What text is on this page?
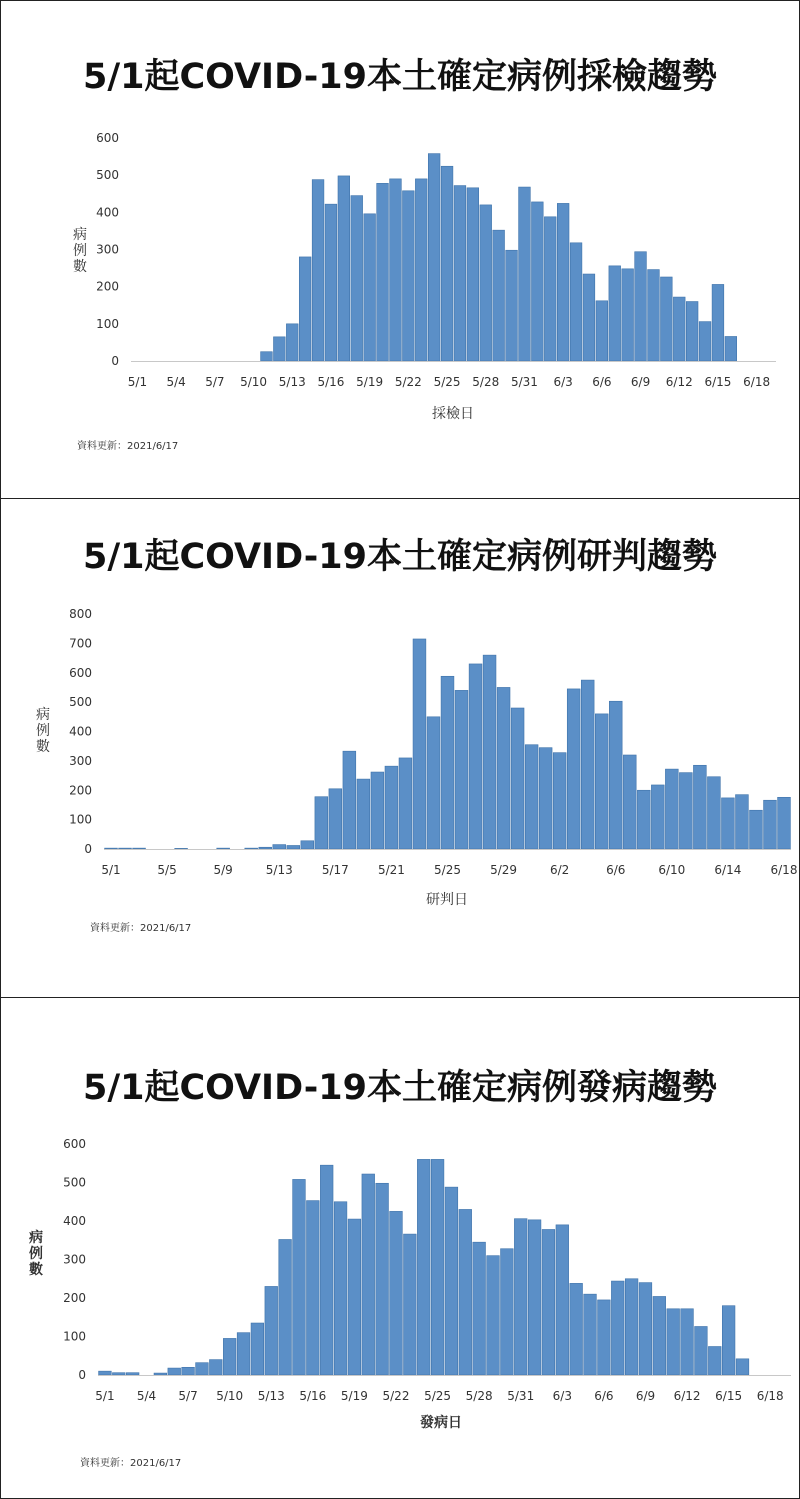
5/1起COVID-19本土確定病例採檢趨勢
0
100
200
300
400
500
600
5/1 5/4 5/7 5/10 5/13 5/16 5/19 5/22 5/25 5/28 5/31 6/3 6/6 6/9 6/12 6/15 6/18
病例數
採檢日
資料更新：2021/6/17
5/1起COVID-19本土確定病例研判趨勢
0
100
200
300
400
500
600
700
800
5/1	5/5	5/9	5/13 5/17 5/21 5/25 5/29	6/2	6/6	6/10 6/14 6/18
病例數
研判日
資料更新：2021/6/17
5/1起COVID-19本土確定病例發病趨勢
0
100
200
300
400
500
600
5/1 5/4 5/7 5/10 5/13 5/16 5/19 5/22 5/25 5/28 5/31 6/3 6/6 6/9 6/12 6/15 6/18
病例數
發病日
資料更新：2021/6/17
